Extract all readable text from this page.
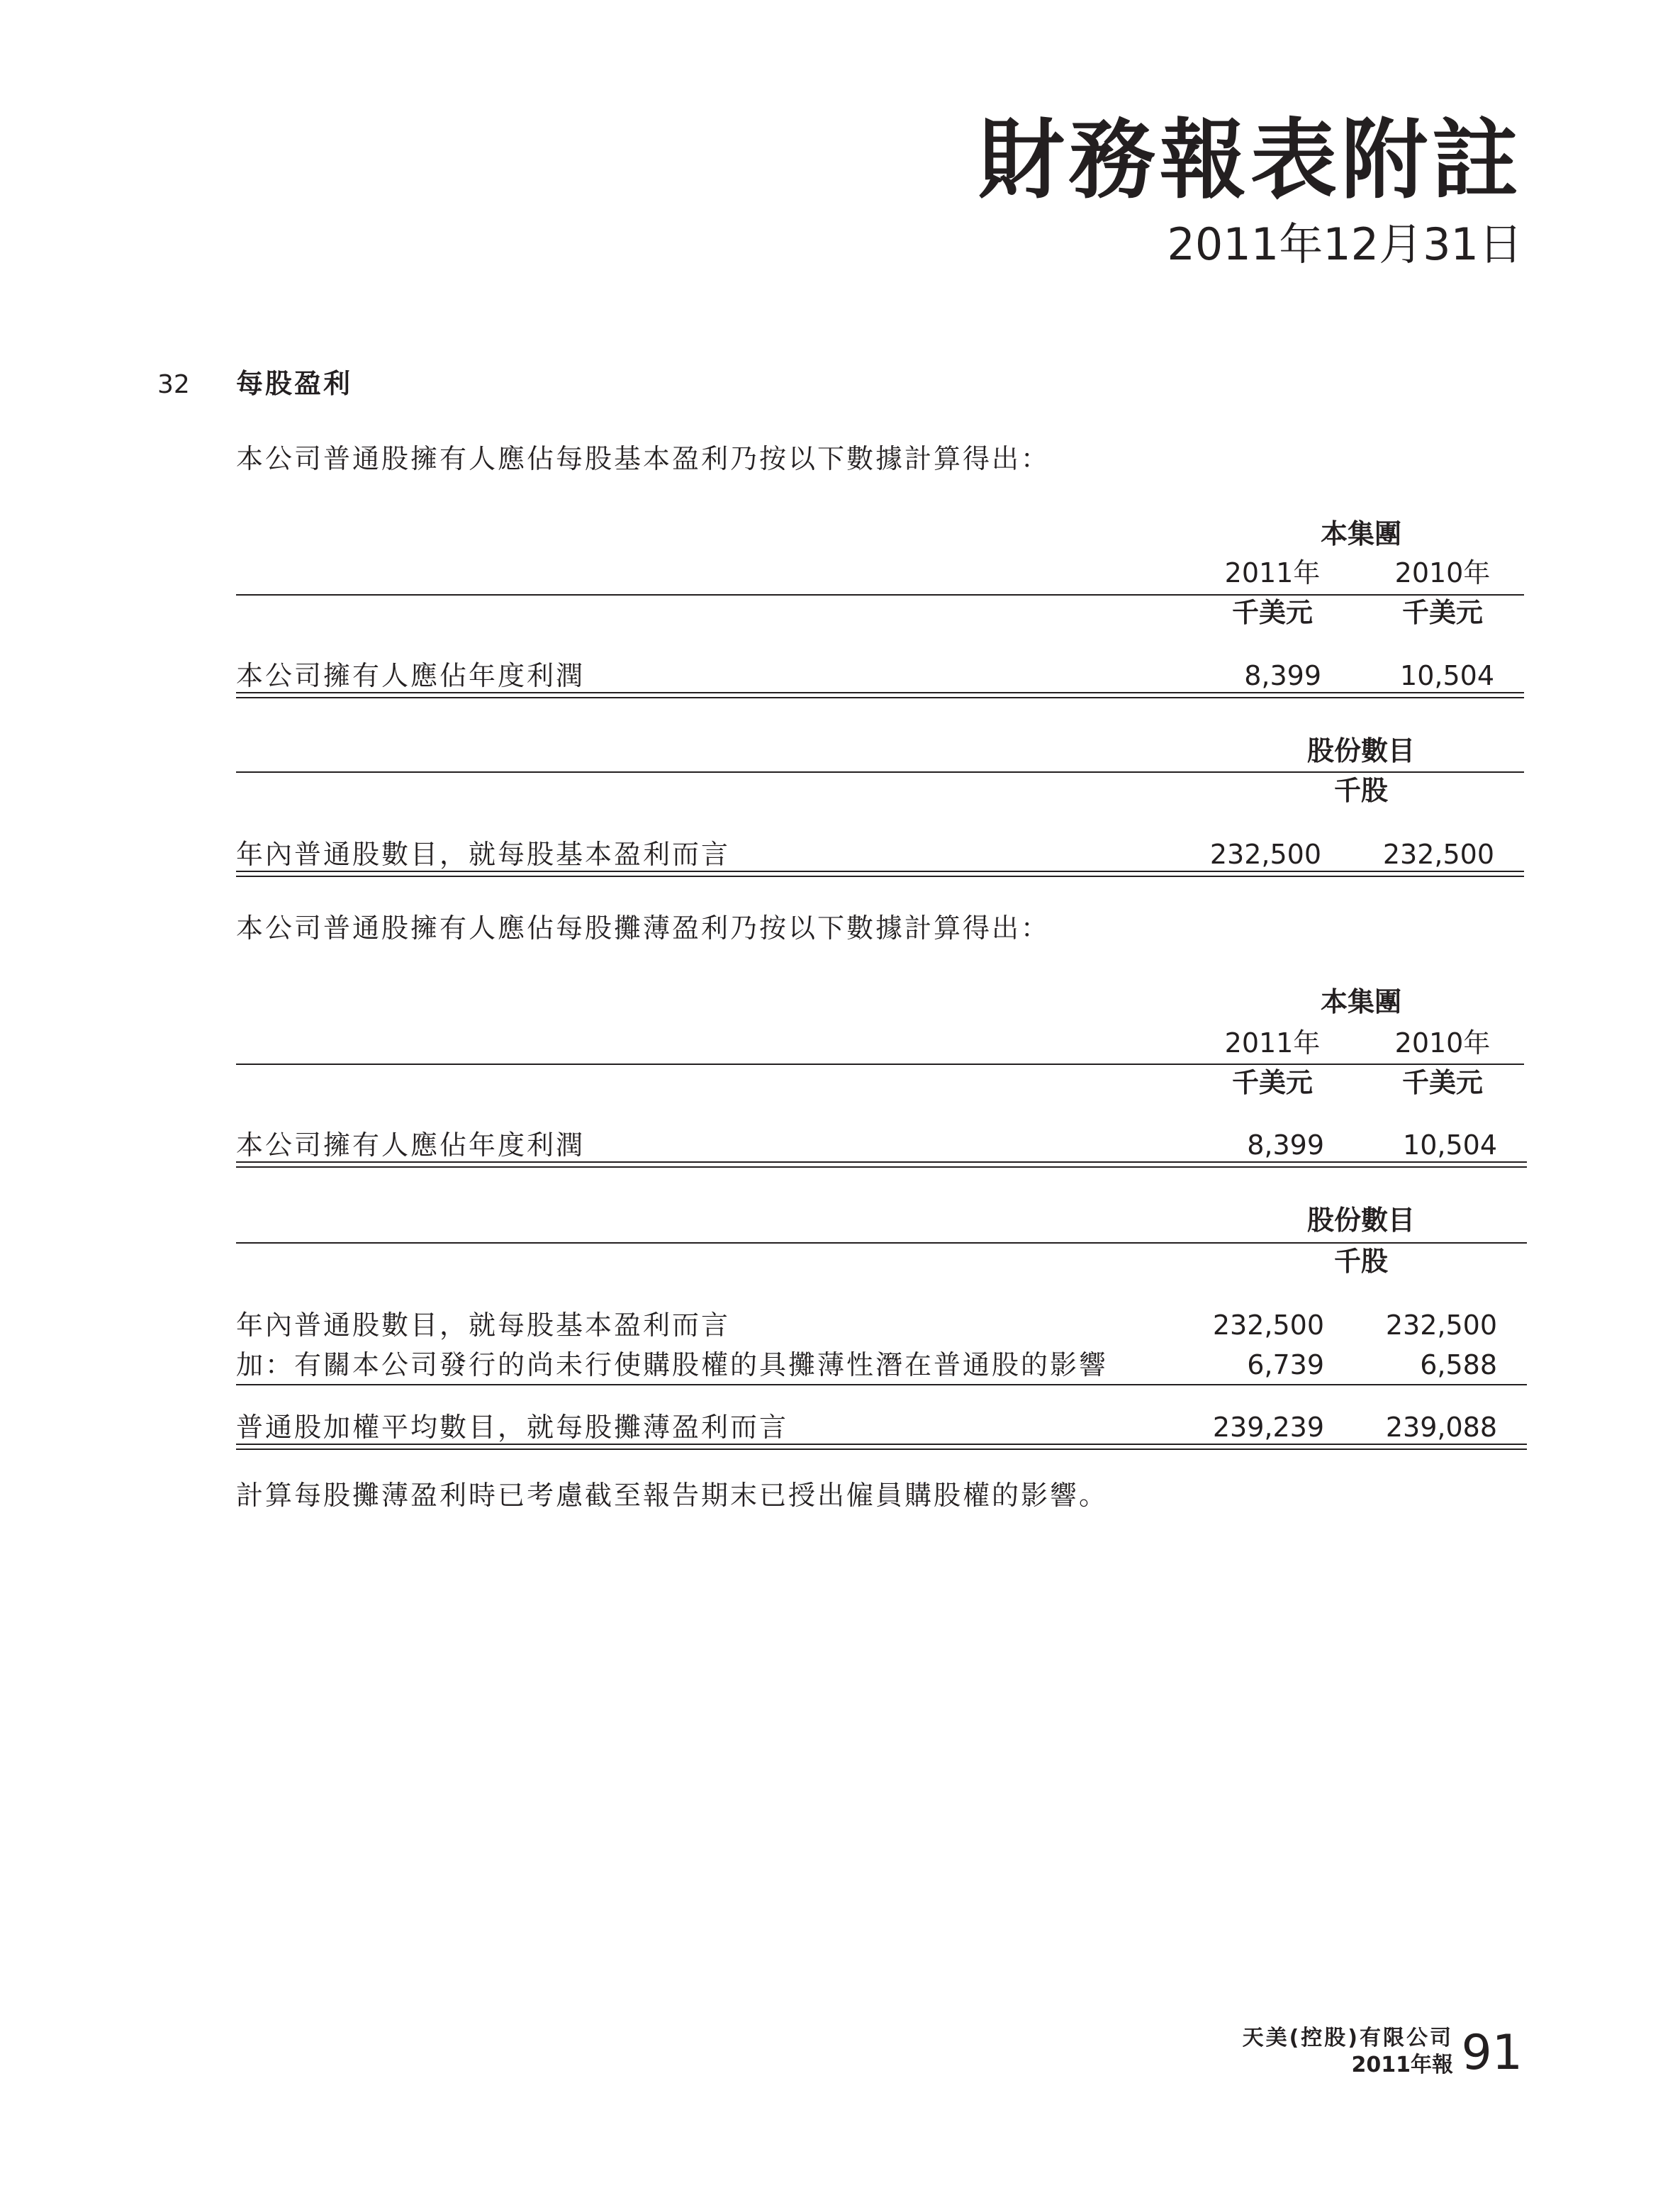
財務報表附註
2011年12月31日
32 每股盈利
本公司普通股擁有人應佔每股基本盈利乃按以下數據計算得出：
本集團
2011年	2010年
千美元	千美元
本公司擁有人應佔年度利潤	8,399	10,504
股份數目
千股
年內普通股數目，就每股基本盈利而言	232,500	232,500
本公司普通股擁有人應佔每股攤薄盈利乃按以下數據計算得出：
本集團
2011年	2010年
千美元	千美元
本公司擁有人應佔年度利潤	8,399	10,504
股份數目
千股
年內普通股數目，就每股基本盈利而言	232,500	232,500
加：有關本公司發行的尚未行使購股權的具攤薄性潛在普通股的影響	6,739	6,588
普通股加權平均數目，就每股攤薄盈利而言	239,239	239,088
計算每股攤薄盈利時已考慮截至報告期末已授出僱員購股權的影響。
天美(控股)有限公司
2011年報 91
